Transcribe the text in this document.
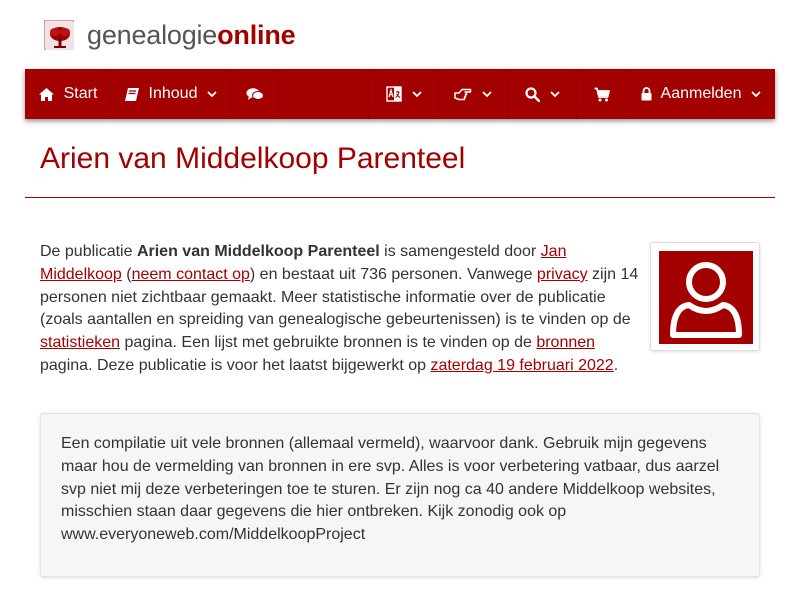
genealogieonline
Start	Inhoud	Aanmelden
Arien van Middelkoop Parenteel

De publicatie Arien van Middelkoop Parenteel is samengesteld door Jan Middelkoop (neem contact op) en bestaat uit 736 personen. Vanwege privacy zijn 14 personen niet zichtbaar gemaakt. Meer statistische informatie over de publicatie (zoals aantallen en spreiding van genealogische gebeurtenissen) is te vinden op de statistieken pagina. Een lijst met gebruikte bronnen is te vinden op de bronnen pagina. Deze publicatie is voor het laatst bijgewerkt op zaterdag 19 februari 2022.

Een compilatie uit vele bronnen (allemaal vermeld), waarvoor dank. Gebruik mijn gegevens maar hou de vermelding van bronnen in ere svp. Alles is voor verbetering vatbaar, dus aarzel svp niet mij deze verbeteringen toe te sturen. Er zijn nog ca 40 andere Middelkoop websites, misschien staan daar gegevens die hier ontbreken. Kijk zonodig ook op www.everyoneweb.com/MiddelkoopProject
